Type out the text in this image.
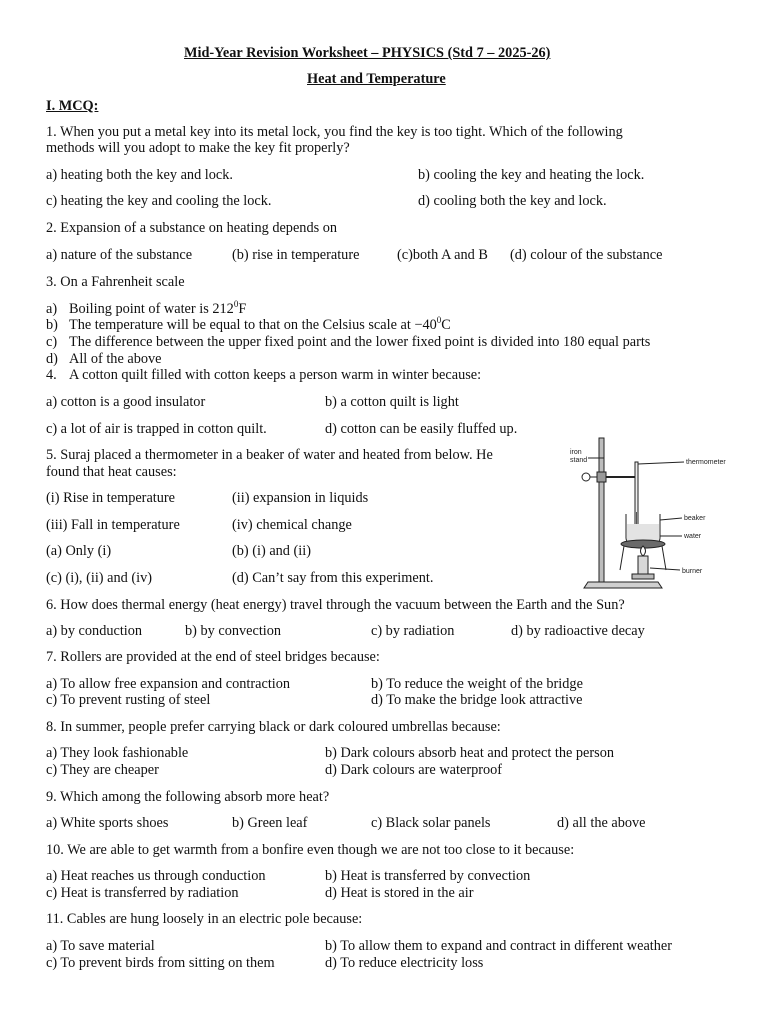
Mid-Year Revision Worksheet – PHYSICS (Std 7 – 2025-26)
Heat and Temperature
I. MCQ:
1. When you put a metal key into its metal lock, you find the key is too tight. Which of the following
methods will you adopt to make the key fit properly?
a) heating both the key and lock.	b) cooling the key and heating the lock.
c) heating the key and cooling the lock.	d) cooling both the key and lock.
2. Expansion of a substance on heating depends on
a) nature of the substance	(b) rise in temperature	(c)both A and B (d) colour of the substance
3. On a Fahrenheit scale
a) Boiling point of water is $212^0F$
b) The temperature will be equal to that on the Celsius scale at $-40^0C$
c) The difference between the upper fixed point and the lower fixed point is divided into 180 equal parts
d) All of the above
4. A cotton quilt filled with cotton keeps a person warm in winter because:
a) cotton is a good insulator	b) a cotton quilt is light
c) a lot of air is trapped in cotton quilt.	d) cotton can be easily fluffed up.
5. Suraj placed a thermometer in a beaker of water and heated from below. He
found that heat causes:
(i) Rise in temperature	(ii) expansion in liquids
(iii) Fall in temperature	(iv) chemical change
(a) Only (i)	(b) (i) and (ii)
(c) (i), (ii) and (iv)	(d) Can’t say from this experiment.
iron
stand	thermometer
beaker
water
burner
6. How does thermal energy (heat energy) travel through the vacuum between the Earth and the Sun?
a) by conduction	b) by convection	c) by radiation	d) by radioactive decay
7. Rollers are provided at the end of steel bridges because:
a) To allow free expansion and contraction	b) To reduce the weight of the bridge
c) To prevent rusting of steel	d) To make the bridge look attractive
8. In summer, people prefer carrying black or dark coloured umbrellas because:
a) They look fashionable	b) Dark colours absorb heat and protect the person
c) They are cheaper	d) Dark colours are waterproof
9. Which among the following absorb more heat?
a) White sports shoes	b) Green leaf	c) Black solar panels	d) all the above
10. We are able to get warmth from a bonfire even though we are not too close to it because:
a) Heat reaches us through conduction	b) Heat is transferred by convection
c) Heat is transferred by radiation	d) Heat is stored in the air
11. Cables are hung loosely in an electric pole because:
a) To save material	b) To allow them to expand and contract in different weather
c) To prevent birds from sitting on them	d) To reduce electricity loss
